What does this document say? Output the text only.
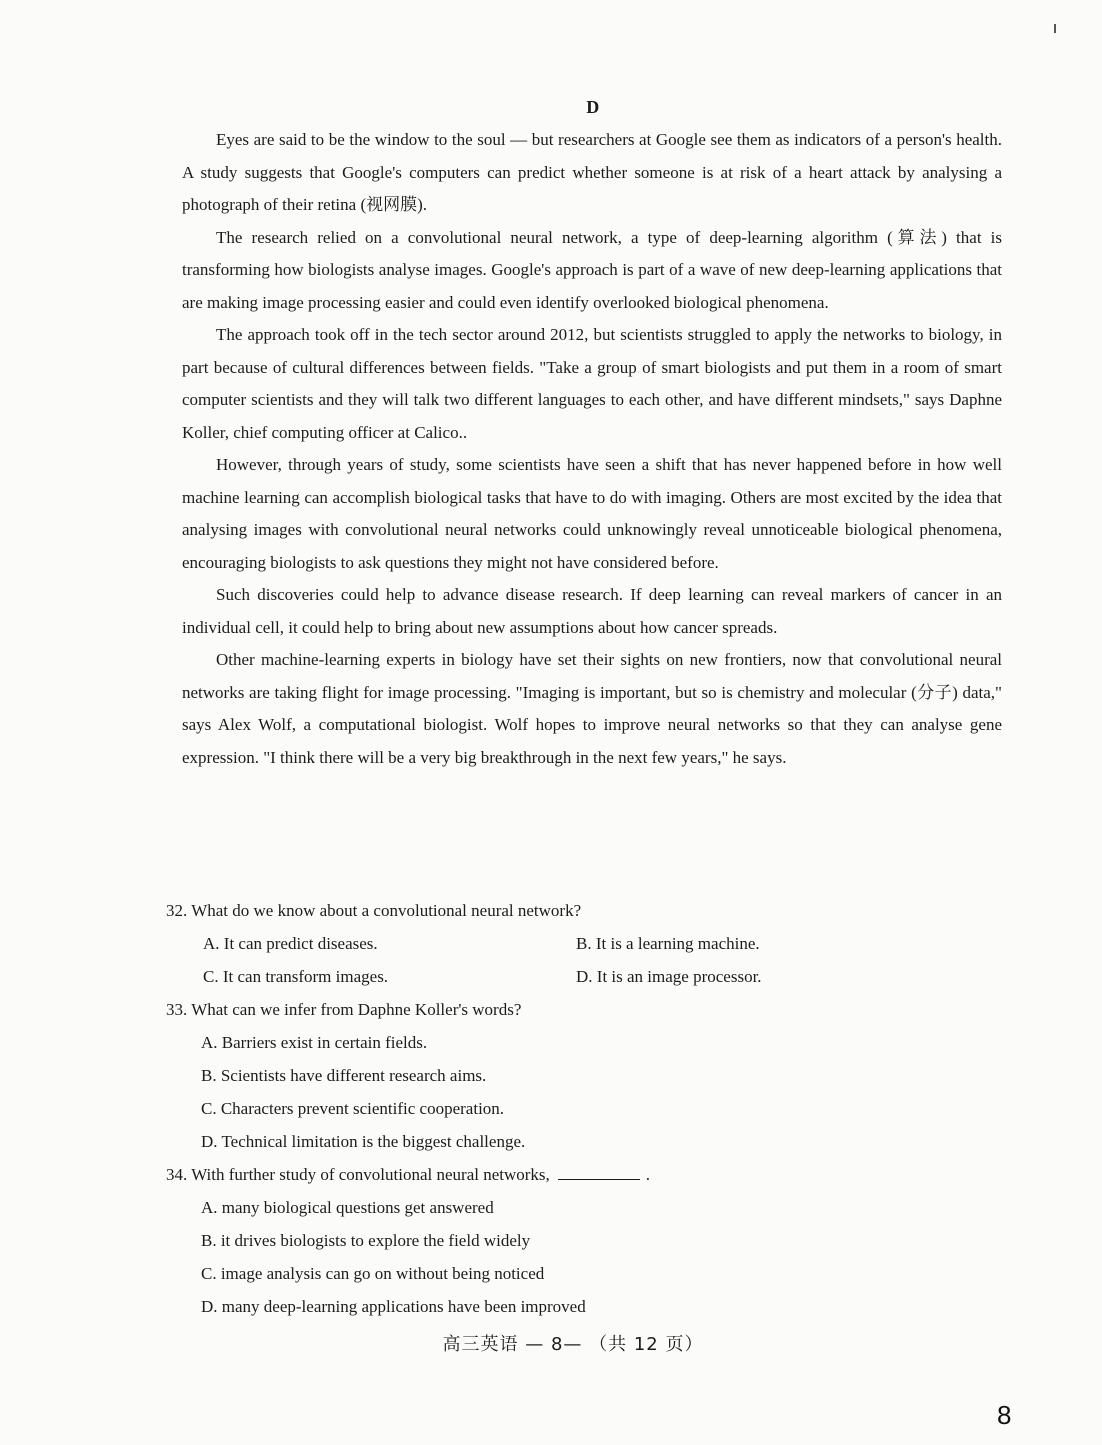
D

Eyes are said to be the window to the soul — but researchers at Google see them as indicators of a person's health. A study suggests that Google's computers can predict whether someone is at risk of a heart attack by analysing a photograph of their retina (视网膜).

The research relied on a convolutional neural network, a type of deep-learning algorithm (算法) that is transforming how biologists analyse images. Google's approach is part of a wave of new deep-learning applications that are making image processing easier and could even identify overlooked biological phenomena.

The approach took off in the tech sector around 2012, but scientists struggled to apply the networks to biology, in part because of cultural differences between fields. "Take a group of smart biologists and put them in a room of smart computer scientists and they will talk two different languages to each other, and have different mindsets," says Daphne Koller, chief computing officer at Calico..

However, through years of study, some scientists have seen a shift that has never happened before in how well machine learning can accomplish biological tasks that have to do with imaging. Others are most excited by the idea that analysing images with convolutional neural networks could unknowingly reveal unnoticeable biological phenomena, encouraging biologists to ask questions they might not have considered before.

Such discoveries could help to advance disease research. If deep learning can reveal markers of cancer in an individual cell, it could help to bring about new assumptions about how cancer spreads.

Other machine-learning experts in biology have set their sights on new frontiers, now that convolutional neural networks are taking flight for image processing. "Imaging is important, but so is chemistry and molecular (分子) data," says Alex Wolf, a computational biologist. Wolf hopes to improve neural networks so that they can analyse gene expression. "I think there will be a very big breakthrough in the next few years," he says.

32. What do we know about a convolutional neural network?
A. It can predict diseases.	B. It is a learning machine.
C. It can transform images.	D. It is an image processor.
33. What can we infer from Daphne Koller's words?
A. Barriers exist in certain fields.
B. Scientists have different research aims.
C. Characters prevent scientific cooperation.
D. Technical limitation is the biggest challenge.
34. With further study of convolutional neural networks,	.
A. many biological questions get answered
B. it drives biologists to explore the field widely
C. image analysis can go on without being noticed
D. many deep-learning applications have been improved
高三英语 — 8— （共 12 页）
8
